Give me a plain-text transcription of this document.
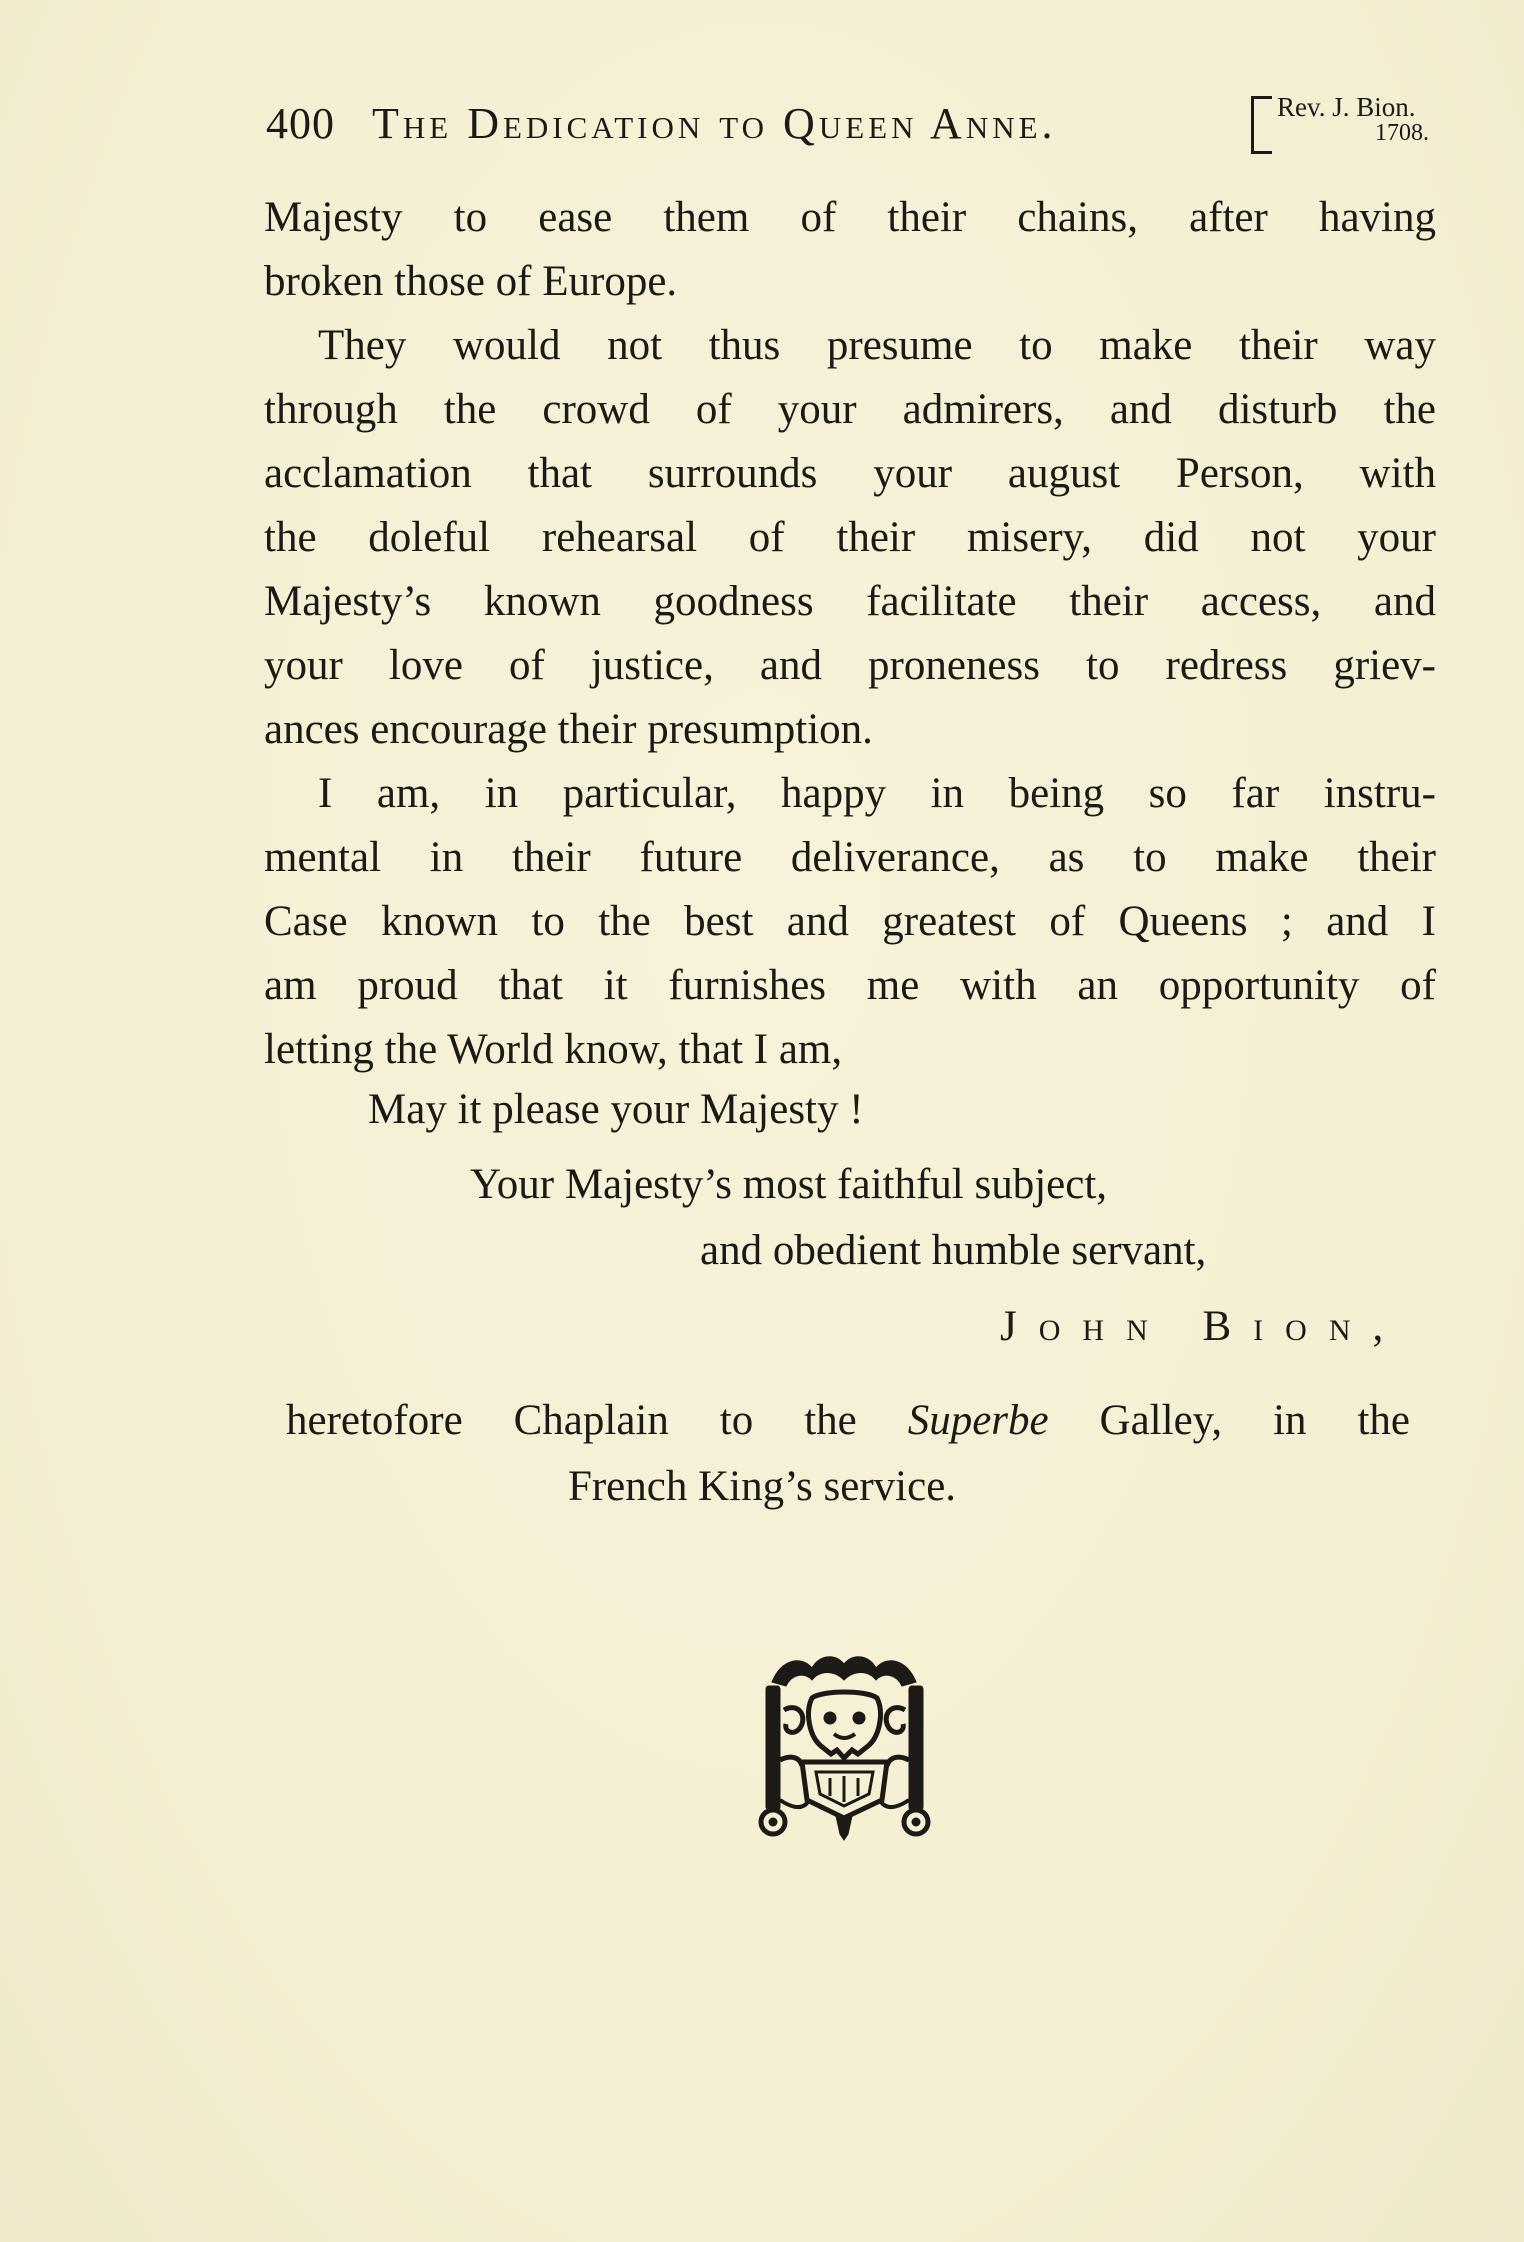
400 The Dedication to Queen Anne.	Rev. J. Bion.
1708.
Majesty to ease them of their chains, after having
broken those of Europe.
They would not thus presume to make their way
through the crowd of your admirers, and disturb the
acclamation that surrounds your august Person, with
the doleful rehearsal of their misery, did not your
Majesty’s known goodness facilitate their access, and
your love of justice, and proneness to redress griev-
ances encourage their presumption.
I am, in particular, happy in being so far instru-
mental in their future deliverance, as to make their
Case known to the best and greatest of Queens ; and I
am proud that it furnishes me with an opportunity of
letting the World know, that I am,
May it please your Majesty !
Your Majesty’s most faithful subject,
and obedient humble servant,
John Bion,
heretofore Chaplain to the Superbe Galley, in the
French King’s service.
